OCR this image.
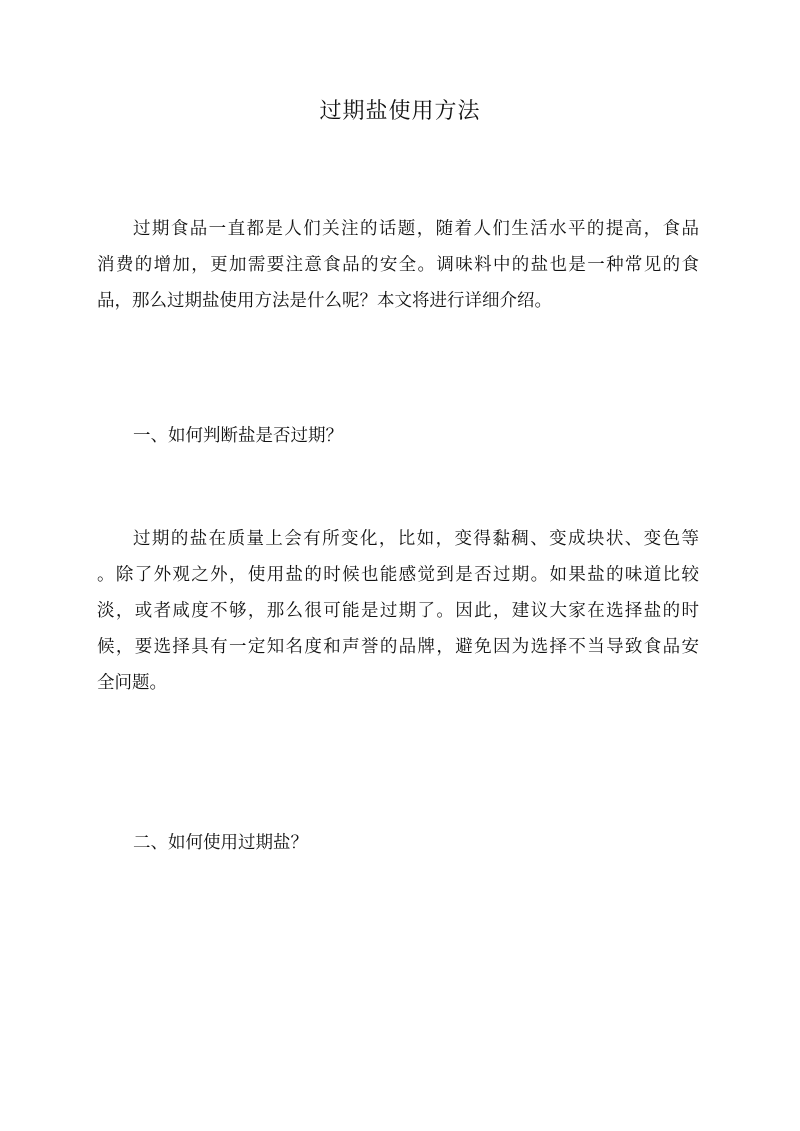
过期盐使用方法
过期食品一直都是人们关注的话题，随着人们生活水平的提高，食品
消费的增加，更加需要注意食品的安全。调味料中的盐也是一种常见的食
品，那么过期盐使用方法是什么呢？本文将进行详细介绍。
一、如何判断盐是否过期？
过期的盐在质量上会有所变化，比如，变得黏稠、变成块状、变色等
。除了外观之外，使用盐的时候也能感觉到是否过期。如果盐的味道比较
淡，或者咸度不够，那么很可能是过期了。因此，建议大家在选择盐的时
候，要选择具有一定知名度和声誉的品牌，避免因为选择不当导致食品安
全问题。
二、如何使用过期盐？
